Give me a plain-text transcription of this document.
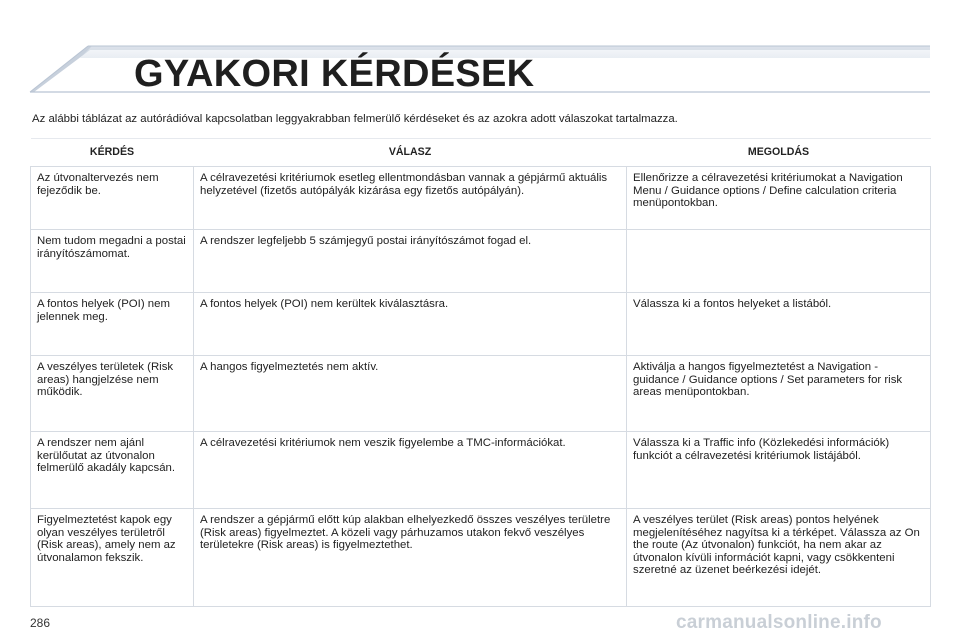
GYAKORI KÉRDÉSEK

Az alábbi táblázat az autórádióval kapcsolatban leggyakrabban felmerülő kérdéseket és az azokra adott válaszokat tartalmazza.

KÉRDÉS	VÁLASZ	MEGOLDÁS
Az útvonaltervezés nem fejeződik be.	A célravezetési kritériumok esetleg ellentmondásban vannak a gépjármű aktuális helyzetével (fizetős autópályák kizárása egy fizetős autópályán).	Ellenőrizze a célravezetési kritériumokat a Navigation Menu / Guidance options / Define calculation criteria menüpontokban.
Nem tudom megadni a postai irányítószámomat.	A rendszer legfeljebb 5 számjegyű postai irányítószámot fogad el.	
A fontos helyek (POI) nem jelennek meg.	A fontos helyek (POI) nem kerültek kiválasztásra.	Válassza ki a fontos helyeket a listából.
A veszélyes területek (Risk areas) hangjelzése nem működik.	A hangos figyelmeztetés nem aktív.	Aktiválja a hangos figyelmeztetést a Navigation - guidance / Guidance options / Set parameters for risk areas menüpontokban.
A rendszer nem ajánl kerülőutat az útvonalon felmerülő akadály kapcsán.	A célravezetési kritériumok nem veszik figyelembe a TMC-információkat.	Válassza ki a Traffic info (Közlekedési információk) funkciót a célravezetési kritériumok listájából.
Figyelmeztetést kapok egy olyan veszélyes területről (Risk areas), amely nem az útvonalamon fekszik.	A rendszer a gépjármű előtt kúp alakban elhelyezkedő összes veszélyes területre (Risk areas) figyelmeztet. A közeli vagy párhuzamos utakon fekvő veszélyes területekre (Risk areas) is figyelmeztethet.	A veszélyes terület (Risk areas) pontos helyének megjelenítéséhez nagyítsa ki a térképet. Válassza az On the route (Az útvonalon) funkciót, ha nem akar az útvonalon kívüli információt kapni, vagy csökkenteni szeretné az üzenet beérkezési idejét.
286	carmanualsonline.info
